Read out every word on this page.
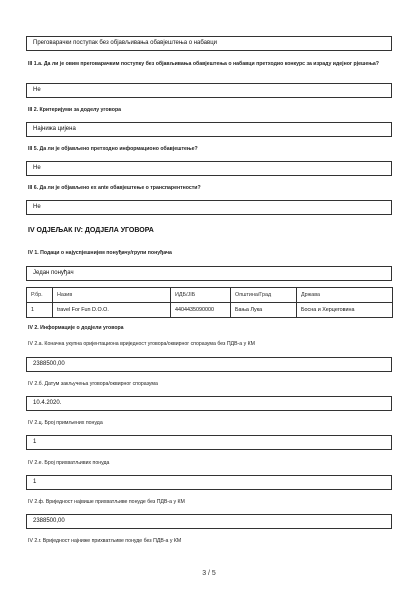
Преговарачки поступак без објављивања обавјештења о набавци
III 1.а. Да ли је овим преговарачким поступку без објављивања обавјештења о набавци претходио конкурс за израду идејног рјешења?
Не
III 2. Критеријуми за доделу уговора
Најнижа цијена
III 5. Да ли је објављено претходно информационо обавјештење?
Не
III 6. Да ли је објављено ex ante обавјештење о транспарентности?
Не
IV ОДЈЕЉАК IV: ДОДЈЕЛА УГОВОРА
IV 1. Подаци о најуспјешнијем понуђачу/групи понуђача
Један понуђач
Р.бр.	Назив	ИДБ/JIБ	Општина/Град	Држава
1	travel For Fun D.O.O.	4404435090000	Бања Лука	Босна и Херцеговина
IV 2. Информације о додјели уговора
IV 2.а. Коначна укупна оријентациона вриједност уговора/оквирног споразума без ПДВ-а у КМ
2388500,00
IV 2.б. Датум закључења уговора/оквирног споразума
10.4.2020.
IV 2.ц. Број примљених понуда
1
IV 2.е. Број прихватљивих понуда
1
IV 2.ф. Вриједност највише прихватљиве понуде без ПДВ-а у КМ
2388500,00
IV 2.г. Вриједност најниже прихватљиве понуде без ПДВ-а у КМ
3 / 5
